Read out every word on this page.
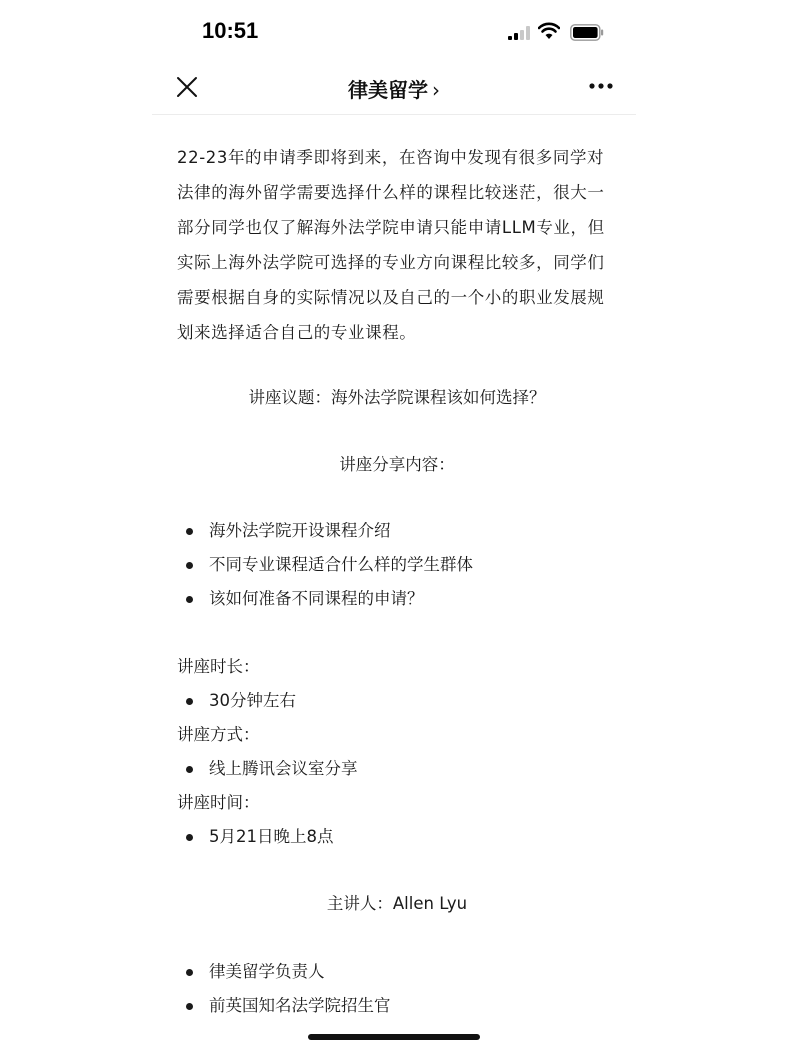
10:51
律美留学 ›

22-23年的申请季即将到来，在咨询中发现有很多同学对法律的海外留学需要选择什么样的课程比较迷茫，很大一部分同学也仅了解海外法学院申请只能申请LLM专业，但实际上海外法学院可选择的专业方向课程比较多，同学们需要根据自身的实际情况以及自己的一个小的职业发展规划来选择适合自己的专业课程。

讲座议题：海外法学院课程该如何选择？

讲座分享内容：

海外法学院开设课程介绍
不同专业课程适合什么样的学生群体
该如何准备不同课程的申请？

讲座时长：

30分钟左右

讲座方式：

线上腾讯会议室分享

讲座时间：

5月21日晚上8点

主讲人：Allen Lyu

律美留学负责人
前英国知名法学院招生官
